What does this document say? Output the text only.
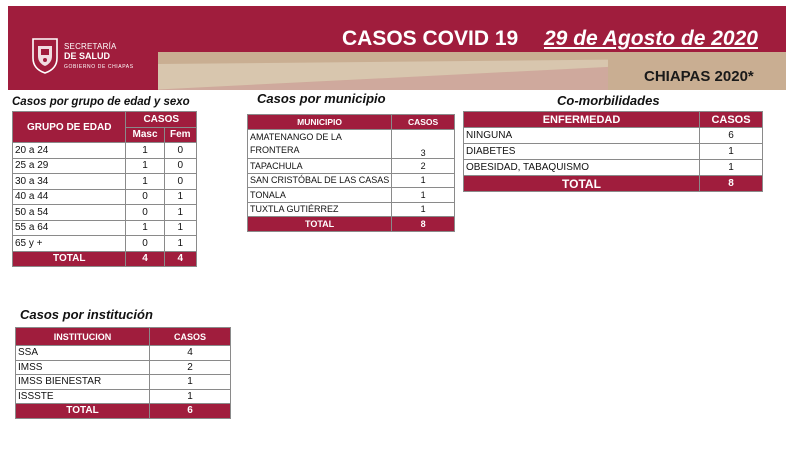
SECRETARÍA
DE SALUD
GOBIERNO DE CHIAPAS
CASOS COVID 19 29 de Agosto de 2020
CHIAPAS 2020*
Casos por grupo de edad y sexo
GRUPO DE EDAD	CASOS	
	Masc	Fem
20 a 24	1	0
25 a 29	1	0
30 a 34	1	0
40 a 44	0	1
50 a 54	0	1
55 a 64	1	1
65 y +	0	1
TOTAL	4	4
Casos por municipio
MUNICIPIO	CASOS
AMATENANGO DE LA
FRONTERA	3
TAPACHULA	2
SAN CRISTÓBAL DE LAS CASAS	1
TONALA	1
TUXTLA GUTIÉRREZ	1
TOTAL	8
Co-morbilidades
ENFERMEDAD	CASOS
NINGUNA	6
DIABETES	1
OBESIDAD, TABAQUISMO	1
TOTAL	8
Casos por institución
INSTITUCION	CASOS
SSA	4
IMSS	2
IMSS BIENESTAR	1
ISSSTE	1
TOTAL	6
